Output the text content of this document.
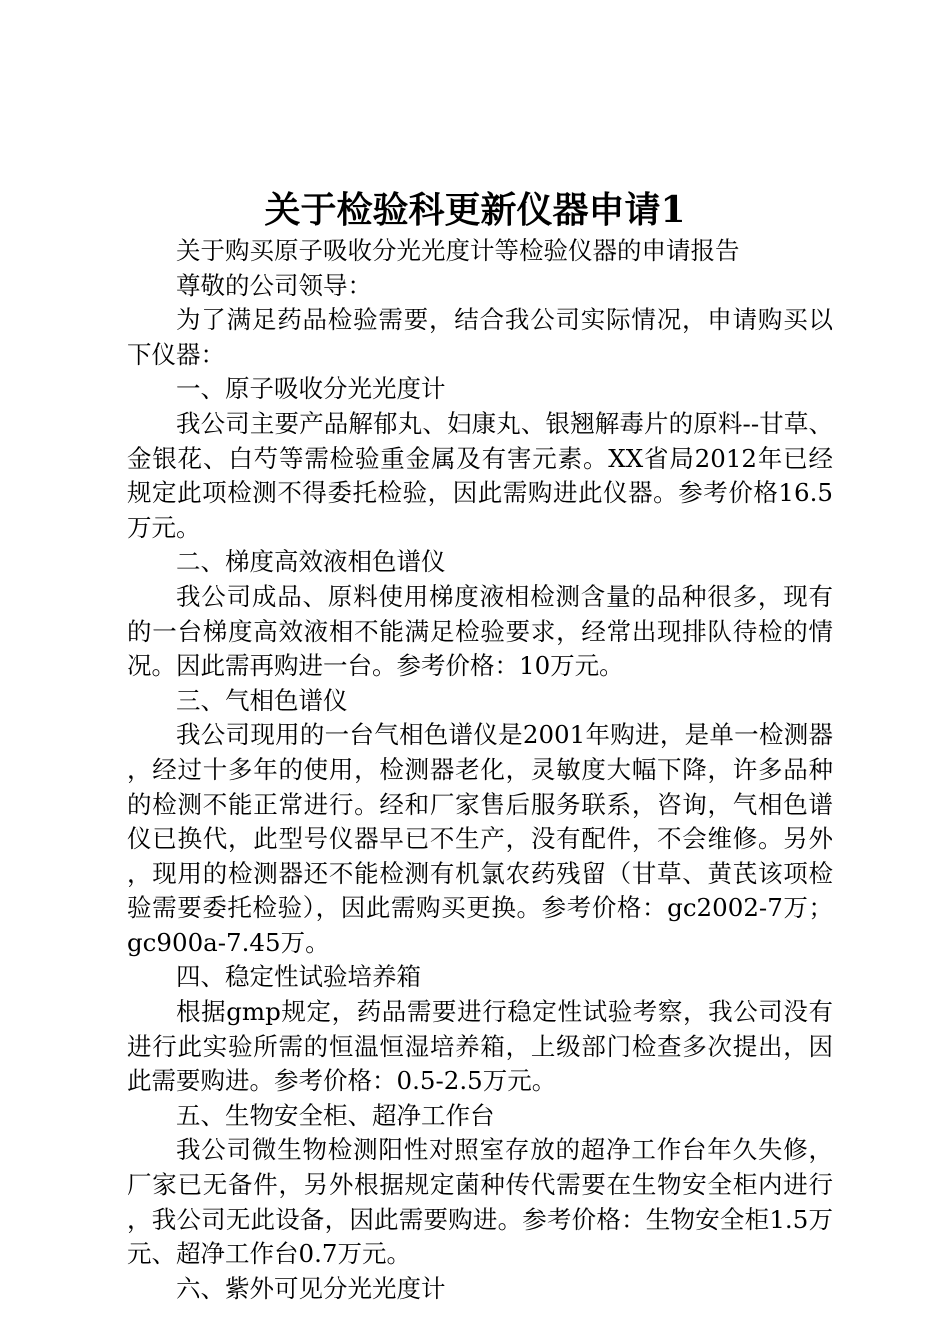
关于检验科更新仪器申请1

关于购买原子吸收分光光度计等检验仪器的申请报告

尊敬的公司领导：

为了满足药品检验需要，结合我公司实际情况，申请购买以下仪器：

一、原子吸收分光光度计

我公司主要产品解郁丸、妇康丸、银翘解毒片的原料--甘草、金银花、白芍等需检验重金属及有害元素。XX省局2012年已经规定此项检测不得委托检验，因此需购进此仪器。参考价格16.5万元。

二、梯度高效液相色谱仪

我公司成品、原料使用梯度液相检测含量的品种很多，现有的一台梯度高效液相不能满足检验要求，经常出现排队待检的情况。因此需再购进一台。参考价格：10万元。

三、气相色谱仪

我公司现用的一台气相色谱仪是2001年购进，是单一检测器，经过十多年的使用，检测器老化，灵敏度大幅下降，许多品种的检测不能正常进行。经和厂家售后服务联系，咨询，气相色谱仪已换代，此型号仪器早已不生产，没有配件，不会维修。另外，现用的检测器还不能检测有机氯农药残留（甘草、黄芪该项检验需要委托检验），因此需购买更换。参考价格：gc2002-7万；gc900a-7.45万。

四、稳定性试验培养箱

根据gmp规定，药品需要进行稳定性试验考察，我公司没有进行此实验所需的恒温恒湿培养箱，上级部门检查多次提出，因此需要购进。参考价格：0.5-2.5万元。

五、生物安全柜、超净工作台

我公司微生物检测阳性对照室存放的超净工作台年久失修，厂家已无备件，另外根据规定菌种传代需要在生物安全柜内进行，我公司无此设备，因此需要购进。参考价格：生物安全柜1.5万元、超净工作台0.7万元。

六、紫外可见分光光度计
